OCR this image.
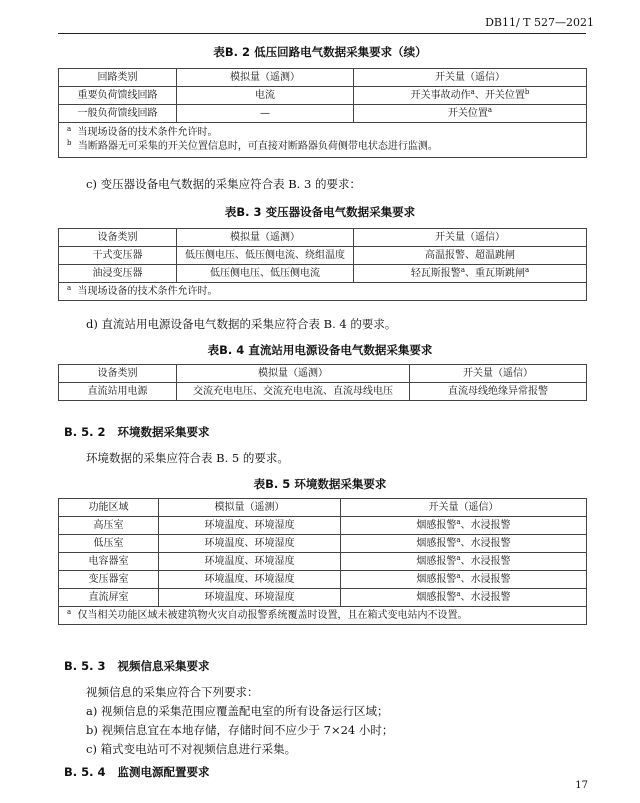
DB11/ T 527—2021
表B. 2 低压回路电气数据采集要求（续）
回路类别	模拟量（遥测）	开关量（遥信）
重要负荷馈线回路	电流	开关事故动作$^a$、开关位置$^b$
一般负荷馈线回路	—	开关位置$^a$

$^a$ 当现场设备的技术条件允许时。
$^b$ 当断路器无可采集的开关位置信息时，可直接对断路器负荷侧带电状态进行监测。		
c) 变压器设备电气数据的采集应符合表 B. 3 的要求：
表B. 3 变压器设备电气数据采集要求
设备类别	模拟量（遥测）	开关量（遥信）
干式变压器	低压侧电压、低压侧电流、绕组温度	高温报警、超温跳闸
油浸变压器	低压侧电压、低压侧电流	轻瓦斯报警$^a$、重瓦斯跳闸$^a$
$^a$ 当现场设备的技术条件允许时。		
d) 直流站用电源设备电气数据的采集应符合表 B. 4 的要求。
表B. 4 直流站用电源设备电气数据采集要求
设备类别	模拟量（遥测）	开关量（遥信）
直流站用电源	交流充电电压、交流充电电流、直流母线电压	直流母线绝缘异常报警
B. 5. 2 环境数据采集要求
环境数据的采集应符合表 B. 5 的要求。
表B. 5 环境数据采集要求
功能区域	模拟量（遥测）	开关量（遥信）
高压室	环境温度、环境湿度	烟感报警$^a$、水浸报警
低压室	环境温度、环境湿度	烟感报警$^a$、水浸报警
电容器室	环境温度、环境湿度	烟感报警$^a$、水浸报警
变压器室	环境温度、环境湿度	烟感报警$^a$、水浸报警
直流屏室	环境温度、环境湿度	烟感报警$^a$、水浸报警
$^a$ 仅当相关功能区域未被建筑物火灾自动报警系统覆盖时设置，且在箱式变电站内不设置。		
B. 5. 3 视频信息采集要求
视频信息的采集应符合下列要求：
a) 视频信息的采集范围应覆盖配电室的所有设备运行区域；
b) 视频信息宜在本地存储，存储时间不应少于 7×24 小时；
c) 箱式变电站可不对视频信息进行采集。
B. 5. 4 监测电源配置要求
17
